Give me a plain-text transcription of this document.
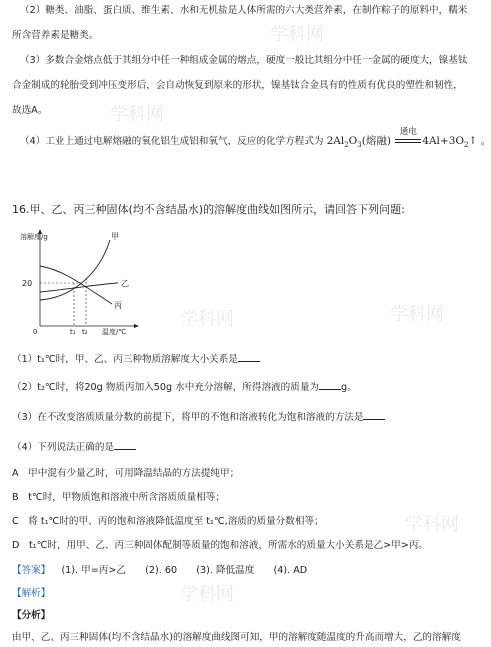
学科网
学科网
学科网
学科网
学科网
学科网
（2）糖类、油脂、蛋白质、维生素、水和无机盐是人体所需的六大类营养素，在制作粽子的原料中，糯米
所含营养素是糖类。
（3）多数合金熔点低于其组分中任一种组成金属的熔点，硬度一般比其组分中任一金属的硬度大，镍基钛
合金制成的轮胎受到冲压变形后，会自动恢复到原来的形状，镍基钛合金具有的性质有优良的塑性和韧性，
故选A。
（4）工业上通过电解熔融的氧化铝生成铝和氧气，反应的化学方程式为 $2Al_2O_3$(熔融)
通电
$4Al+3O_2↑$ 。
16.甲、乙、丙三种固体(均不含结晶水)的溶解度曲线如图所示，请回答下列问题:
溶解度/g
20
0	t₁ t₂ 温度/℃
甲
乙
丙
（1）t₁℃时，甲、乙、丙三种物质溶解度大小关系是
（2）t₂℃时，将20g 物质丙加入50g 水中充分溶解，所得溶液的质量为 g。
（3）在不改变溶质质量分数的前提下，将甲的不饱和溶液转化为饱和溶液的方法是
（4）下列说法正确的是
A　甲中混有少量乙时，可用降温结晶的方法提纯甲；
B　t℃时，甲物质饱和溶液中所含溶质质量相等；
C　将 t₁℃时的甲、丙的饱和溶液降低温度至 t₁℃,溶质的质量分数相等；
D　t₁℃时，用甲、乙、丙三种固体配制等质量的饱和溶液，所需水的质量大小关系是乙>甲>丙。
【答案】 (1). 甲=丙>乙　　(2). 60　　(3). 降低温度　　(4). AD
【解析】
【分析】
由甲、乙、丙三种固体(均不含结晶水)的溶解度曲线图可知，甲的溶解度随温度的升高而增大，乙的溶解度
